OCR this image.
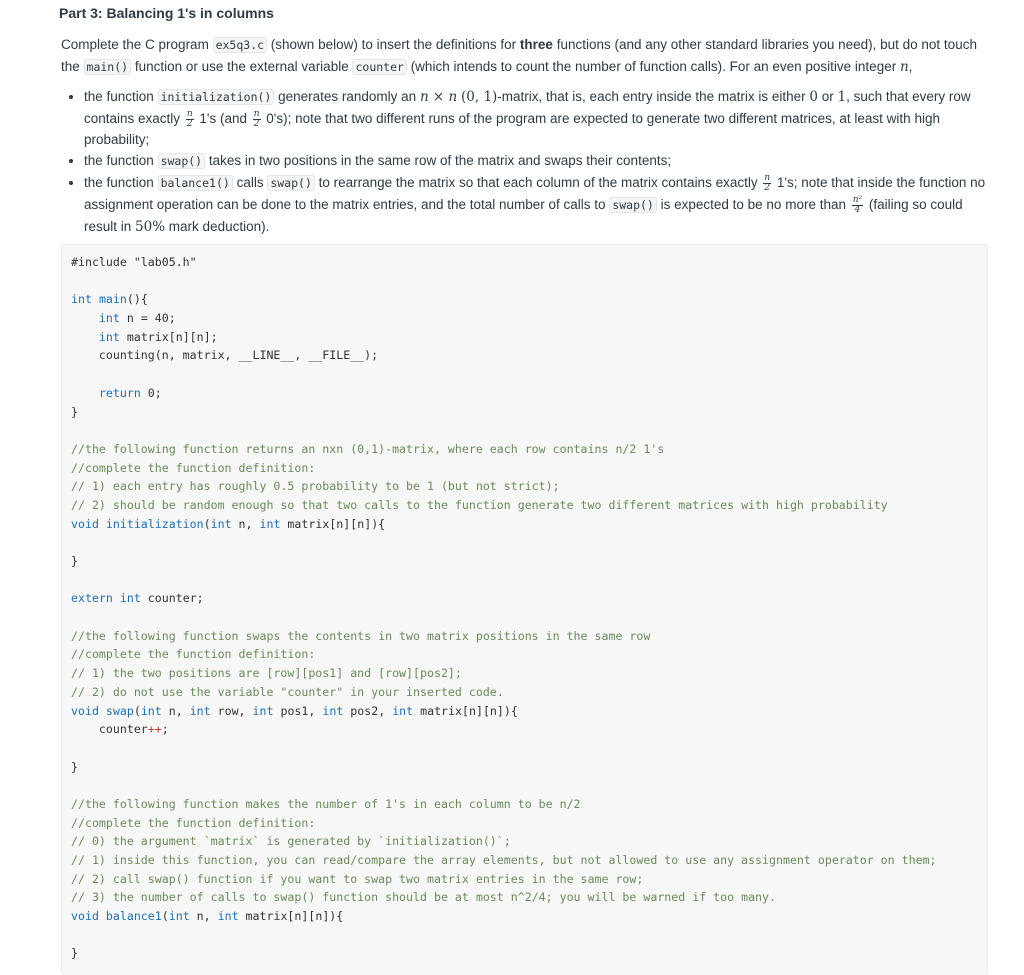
Part 3: Balancing 1's in columns

Complete the C program ex5q3.c (shown below) to insert the definitions for three functions (and any other standard libraries you need), but do not touch the main() function or use the external variable counter (which intends to count the number of function calls). For an even positive integer n,

• the function initialization() generates randomly an n × n (0, 1)-matrix, that is, each entry inside the matrix is either 0 or 1, such that every row contains exactly $\frac{n}{2} 1's$ $(and \frac{n}{2} 0's)$; note that two different runs of the program are expected to generate two different matrices, at least with high probability;
• the function swap() takes in two positions in the same row of the matrix and swaps their contents;
• the function balance1() calls swap() to rearrange the matrix so that each column of the matrix contains exactly $\frac{n}{2} 1's$; note that inside the function no assignment operation can be done to the matrix entries, and the total number of calls to swap() is expected to be no more than $\frac{\text{n²}}{4}$ (failing so could result in 50% mark deduction).
#include "lab05.h"
int main(){
int n = 40;
int matrix[n][n];
counting(n, matrix, __LINE__, __FILE__);
return 0;
}
//the following function returns an nxn (0,1)-matrix, where each row contains n/2 1's
//complete the function definition:
// 1) each entry has roughly 0.5 probability to be 1 (but not strict);
// 2) should be random enough so that two calls to the function generate two different matrices with high probability
void initialization(int n, int matrix[n][n]){
}
extern int counter;
//the following function swaps the contents in two matrix positions in the same row
//complete the function definition:
// 1) the two positions are [row][pos1] and [row][pos2];
// 2) do not use the variable "counter" in your inserted code.
void swap(int n, int row, int pos1, int pos2, int matrix[n][n]){
counter++;
}
//the following function makes the number of 1's in each column to be n/2
//complete the function definition:
// 0) the argument `matrix` is generated by `initialization()`;
// 1) inside this function, you can read/compare the array elements, but not allowed to use any assignment operator on them;
// 2) call swap() function if you want to swap two matrix entries in the same row;
// 3) the number of calls to swap() function should be at most n^2/4; you will be warned if too many.
void balance1(int n, int matrix[n][n]){
}
